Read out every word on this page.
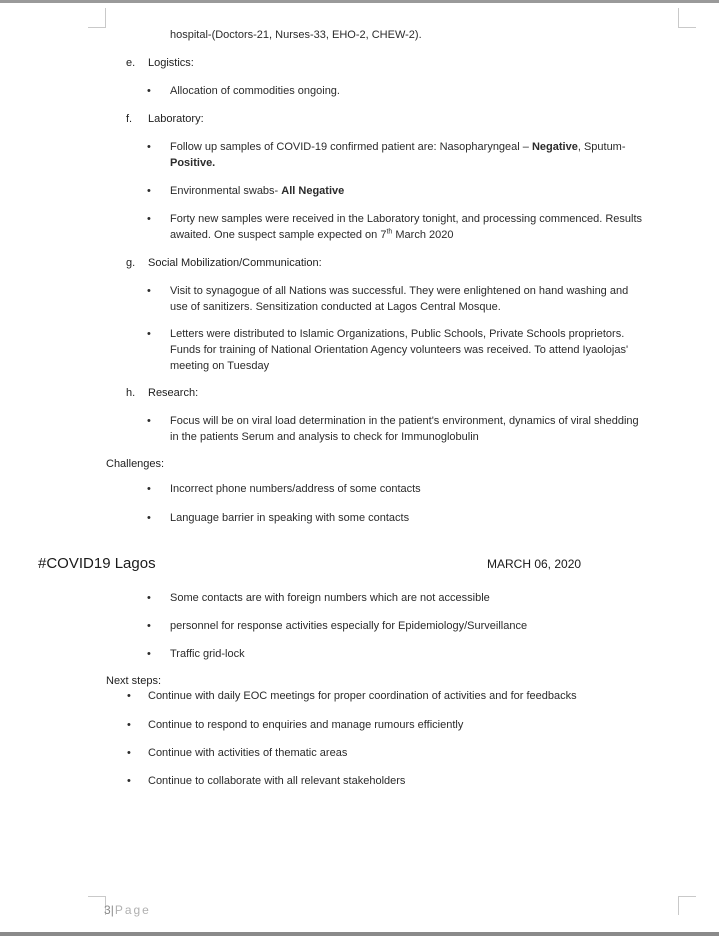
hospital-(Doctors-21, Nurses-33, EHO-2, CHEW-2).
e. Logistics:
• Allocation of commodities ongoing.
f. Laboratory:
• Follow up samples of COVID-19 confirmed patient are: Nasopharyngeal – Negative, Sputum-
Positive.
• Environmental swabs- All Negative
• Forty new samples were received in the Laboratory tonight, and processing commenced. Results
awaited. One suspect sample expected on 7th March 2020
g. Social Mobilization/Communication:
• Visit to synagogue of all Nations was successful. They were enlightened on hand washing and
use of sanitizers. Sensitization conducted at Lagos Central Mosque.
• Letters were distributed to Islamic Organizations, Public Schools, Private Schools proprietors.
Funds for training of National Orientation Agency volunteers was received. To attend Iyaolojas'
meeting on Tuesday
h. Research:
• Focus will be on viral load determination in the patient's environment, dynamics of viral shedding
in the patients Serum and analysis to check for Immunoglobulin
Challenges:
• Incorrect phone numbers/address of some contacts
• Language barrier in speaking with some contacts
#COVID19 Lagos	MARCH 06, 2020
• Some contacts are with foreign numbers which are not accessible
• personnel for response activities especially for Epidemiology/Surveillance
• Traffic grid-lock
Next steps:
• Continue with daily EOC meetings for proper coordination of activities and for feedbacks
• Continue to respond to enquiries and manage rumours efficiently
• Continue with activities of thematic areas
• Continue to collaborate with all relevant stakeholders
3|Page
